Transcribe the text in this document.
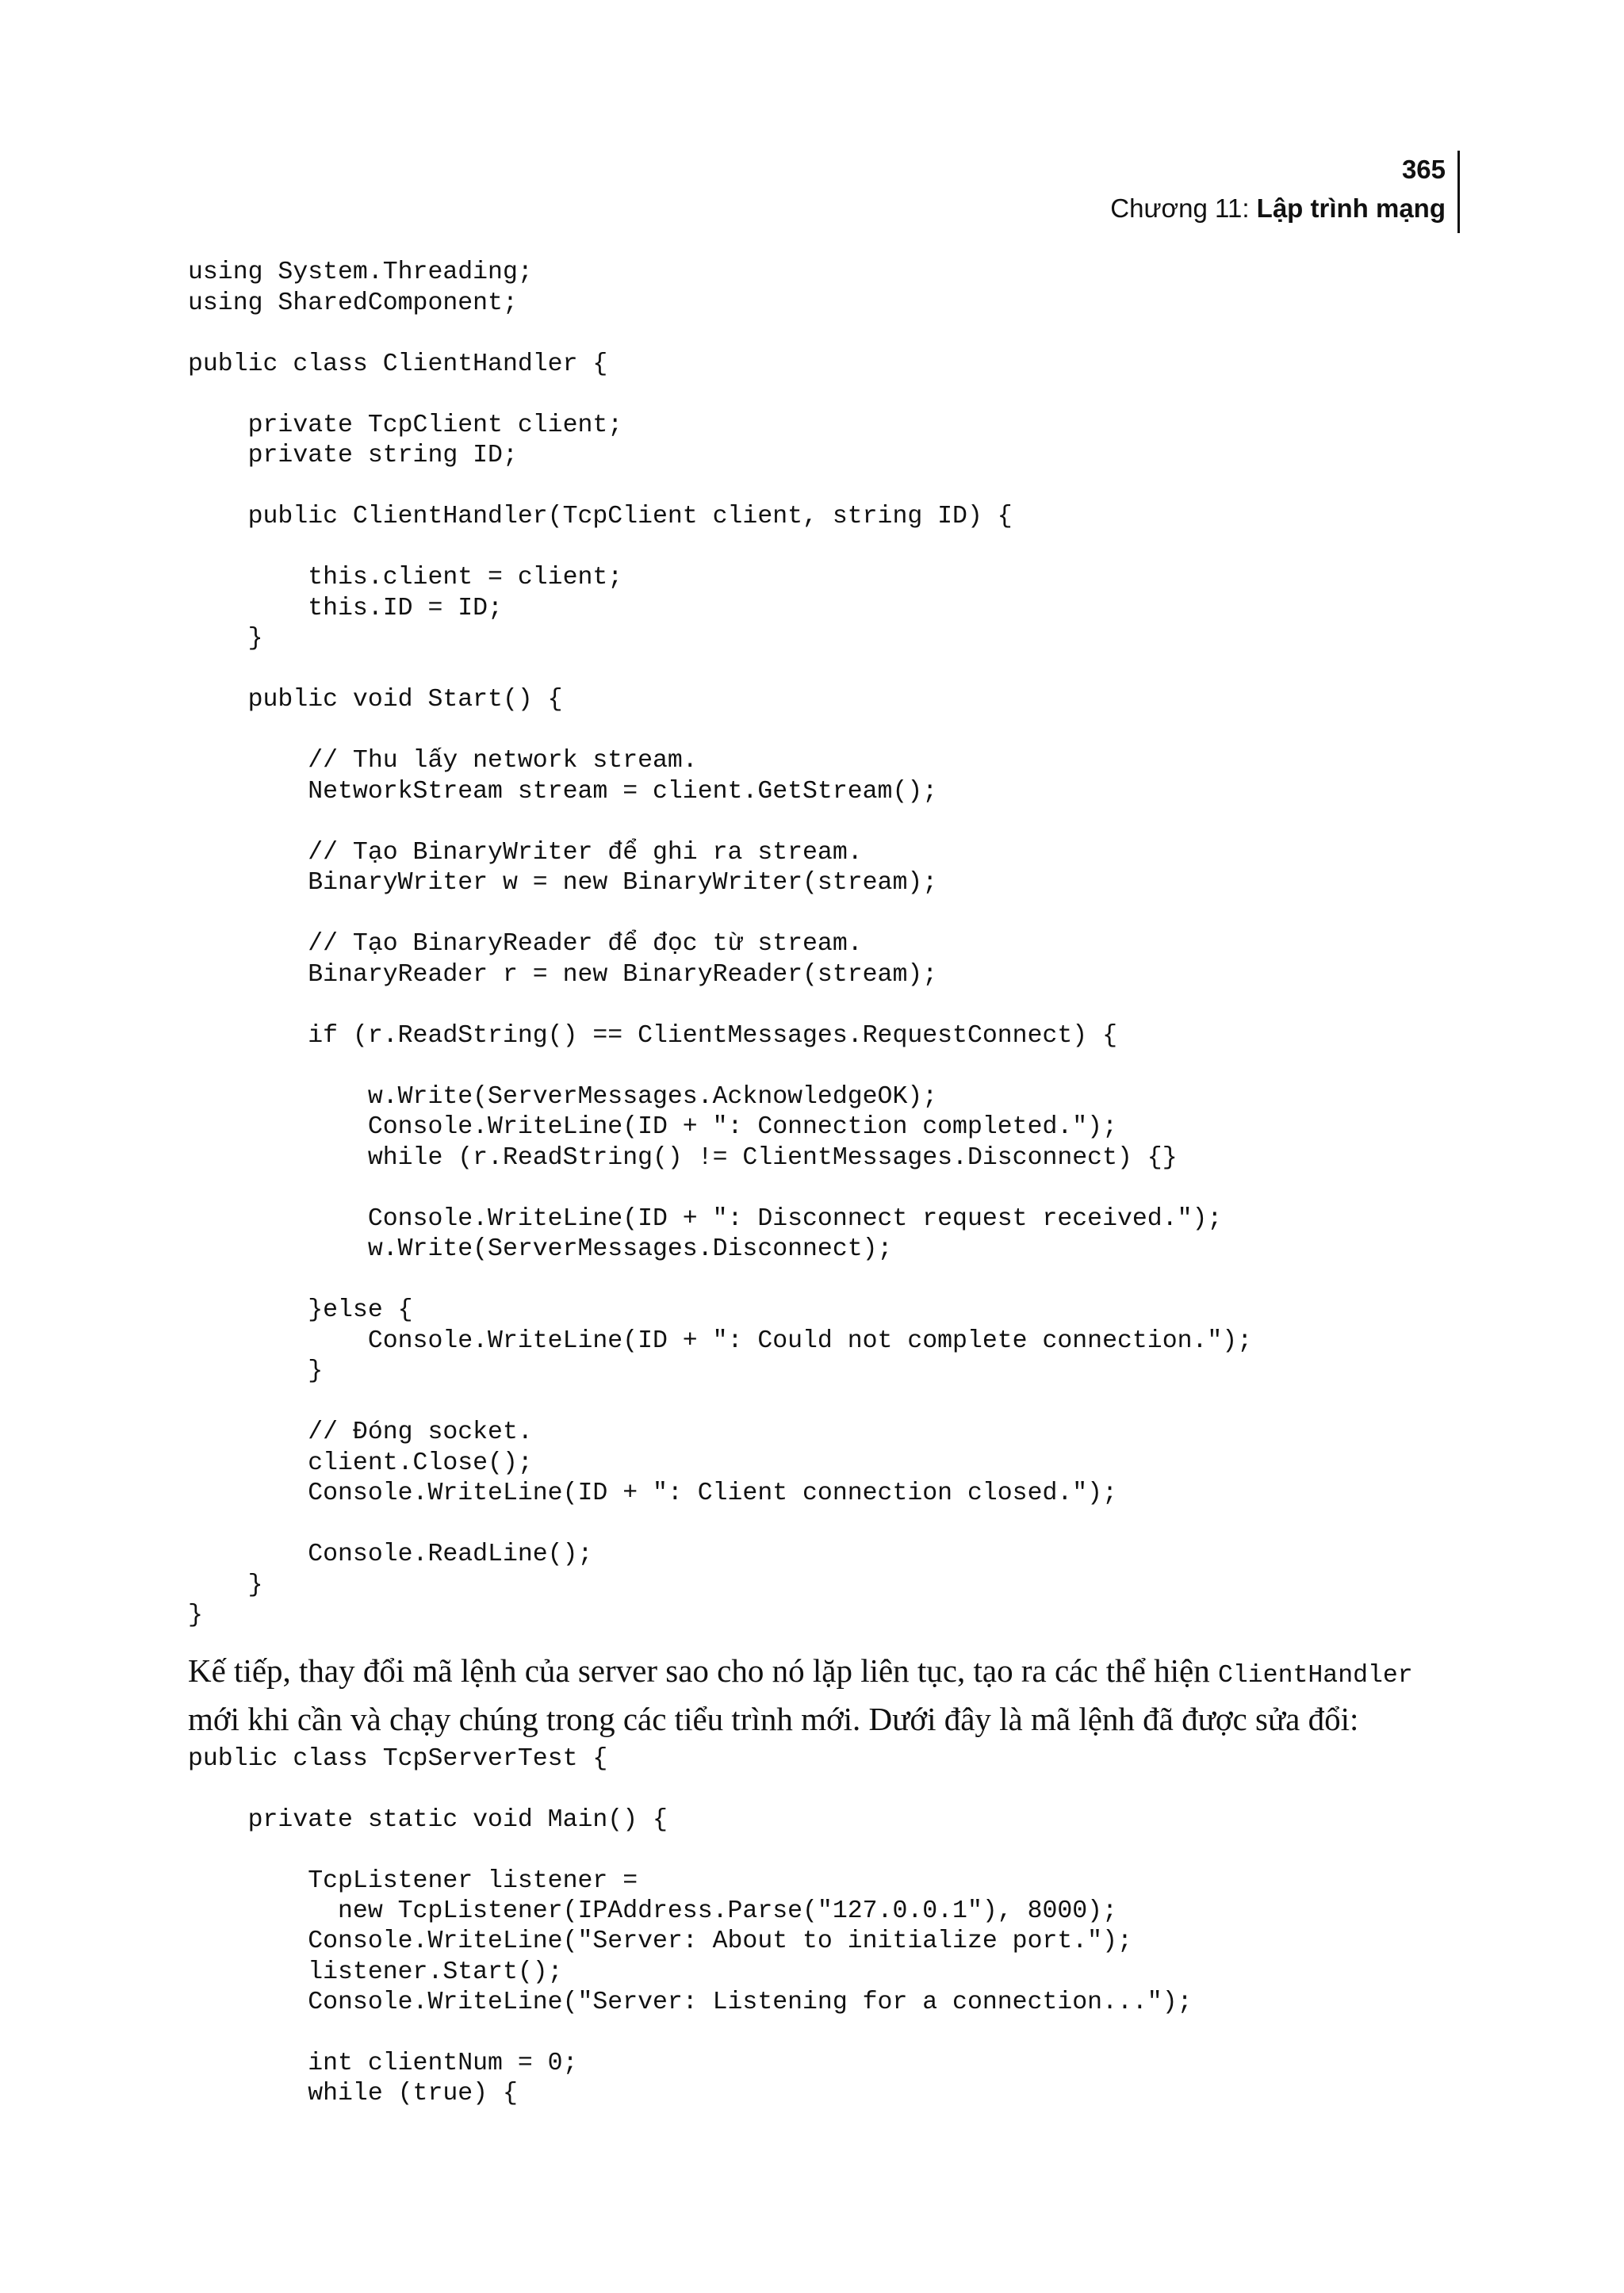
365
Chương 11: Lập trình mạng
using System.Threading;
using SharedComponent;

public class ClientHandler {

private TcpClient client;
private string ID;

public ClientHandler(TcpClient client, string ID) {

this.client = client;
this.ID = ID;
}

public void Start() {

// Thu lấy network stream.
NetworkStream stream = client.GetStream();

// Tạo BinaryWriter để ghi ra stream.
BinaryWriter w = new BinaryWriter(stream);

// Tạo BinaryReader để đọc từ stream.
BinaryReader r = new BinaryReader(stream);

if (r.ReadString() == ClientMessages.RequestConnect) {

w.Write(ServerMessages.AcknowledgeOK);
Console.WriteLine(ID + ": Connection completed.");
while (r.ReadString() != ClientMessages.Disconnect) {}

Console.WriteLine(ID + ": Disconnect request received.");
w.Write(ServerMessages.Disconnect);

}else {
Console.WriteLine(ID + ": Could not complete connection.");
}

// Đóng socket.
client.Close();
Console.WriteLine(ID + ": Client connection closed.");

Console.ReadLine();
}
}
Kế tiếp, thay đổi mã lệnh của server sao cho nó lặp liên tục, tạo ra các thể hiện ClientHandler mới khi cần và chạy chúng trong các tiểu trình mới. Dưới đây là mã lệnh đã được sửa đổi:
public class TcpServerTest {

private static void Main() {

TcpListener listener =
new TcpListener(IPAddress.Parse("127.0.0.1"), 8000);
Console.WriteLine("Server: About to initialize port.");
listener.Start();
Console.WriteLine("Server: Listening for a connection...");

int clientNum = 0;
while (true) {
